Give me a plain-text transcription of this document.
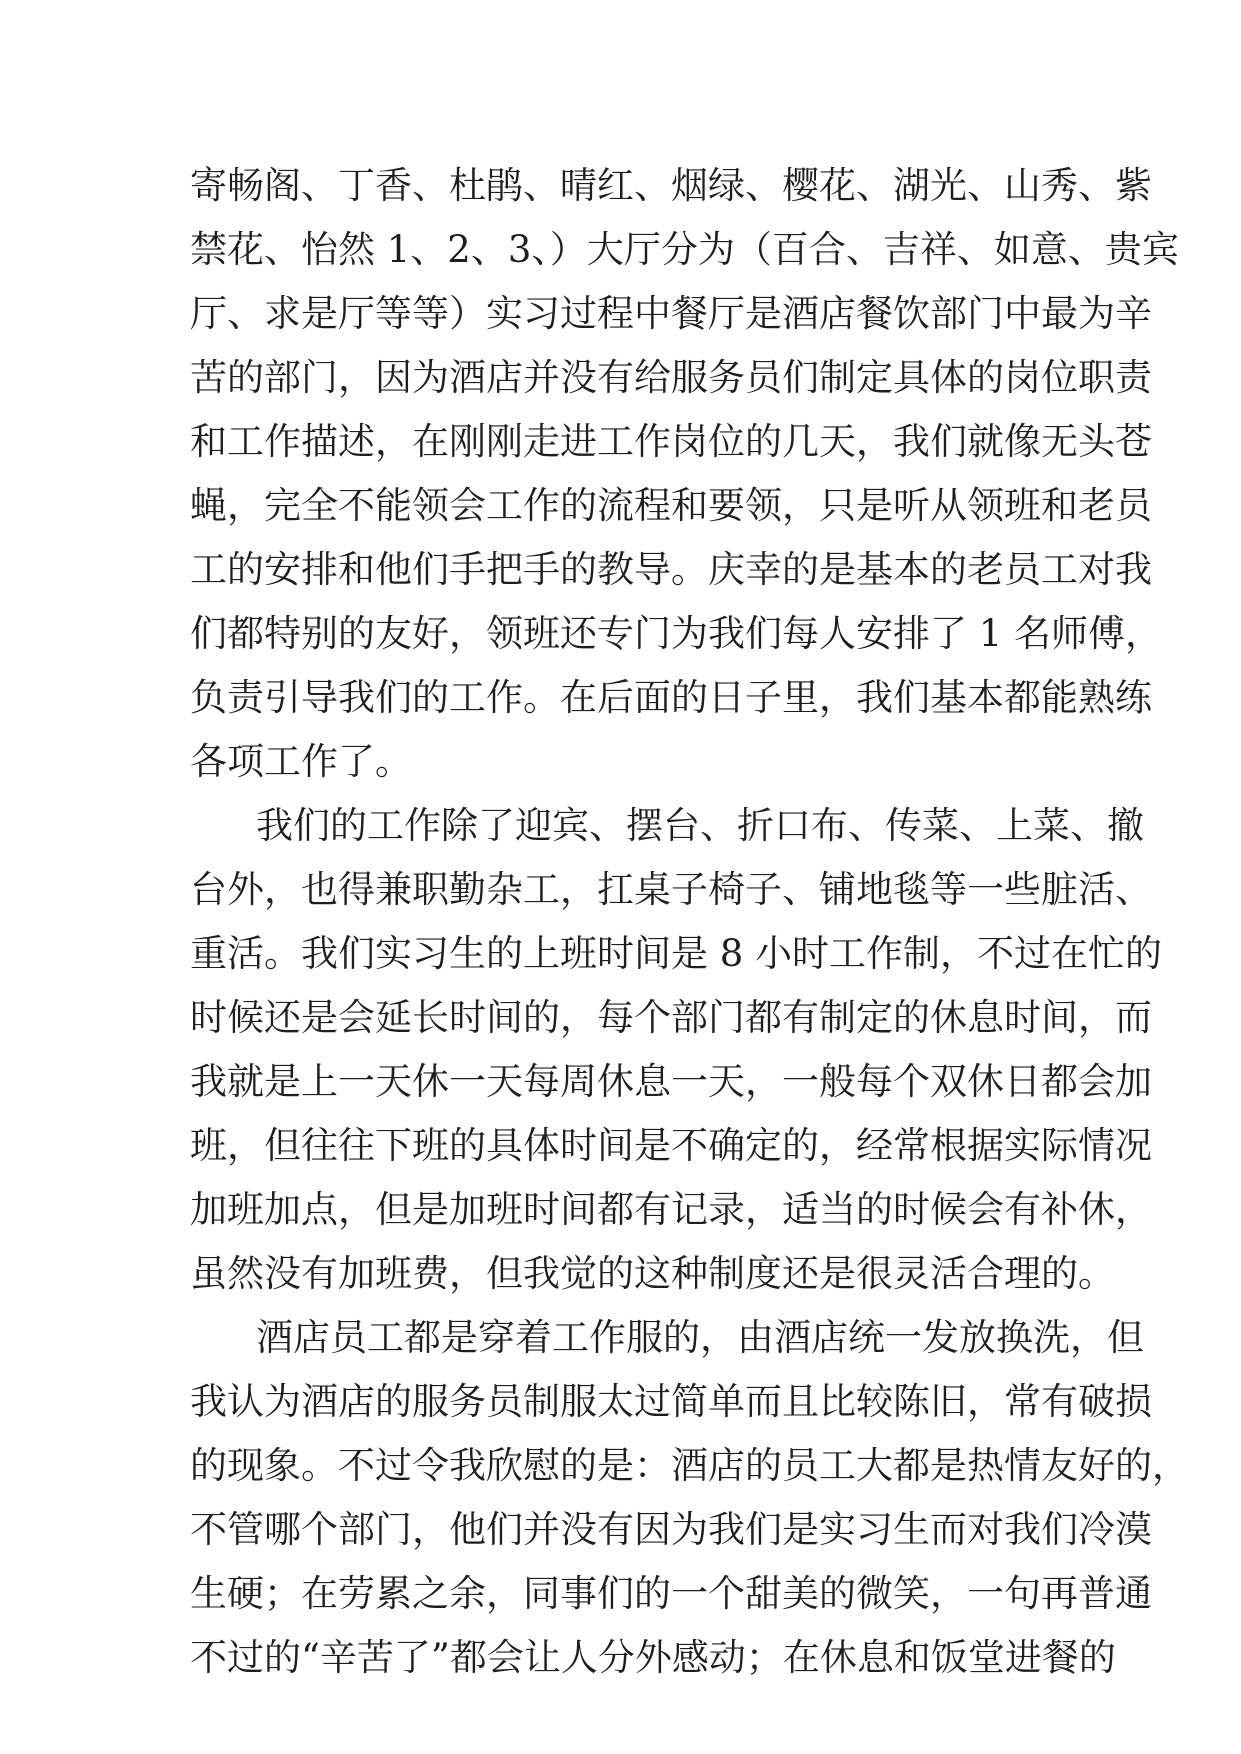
寄畅阁、丁香、杜鹃、晴红、烟绿、樱花、湖光、山秀、紫
禁花、怡然 1、2、3、）大厅分为（百合、吉祥、如意、贵宾
厅、求是厅等等）实习过程中餐厅是酒店餐饮部门中最为辛
苦的部门，因为酒店并没有给服务员们制定具体的岗位职责
和工作描述，在刚刚走进工作岗位的几天，我们就像无头苍
蝇，完全不能领会工作的流程和要领，只是听从领班和老员
工的安排和他们手把手的教导。庆幸的是基本的老员工对我
们都特别的友好，领班还专门为我们每人安排了 1 名师傅，
负责引导我们的工作。在后面的日子里，我们基本都能熟练
各项工作了。
我们的工作除了迎宾、摆台、折口布、传菜、上菜、撤
台外，也得兼职勤杂工，扛桌子椅子、铺地毯等一些脏活、
重活。我们实习生的上班时间是 8 小时工作制，不过在忙的
时候还是会延长时间的，每个部门都有制定的休息时间，而
我就是上一天休一天每周休息一天，一般每个双休日都会加
班，但往往下班的具体时间是不确定的，经常根据实际情况
加班加点，但是加班时间都有记录，适当的时候会有补休，
虽然没有加班费，但我觉的这种制度还是很灵活合理的。
酒店员工都是穿着工作服的，由酒店统一发放换洗，但
我认为酒店的服务员制服太过简单而且比较陈旧，常有破损
的现象。不过令我欣慰的是：酒店的员工大都是热情友好的，
不管哪个部门，他们并没有因为我们是实习生而对我们冷漠
生硬；在劳累之余，同事们的一个甜美的微笑，一句再普通
不过的“辛苦了”都会让人分外感动；在休息和饭堂进餐的
